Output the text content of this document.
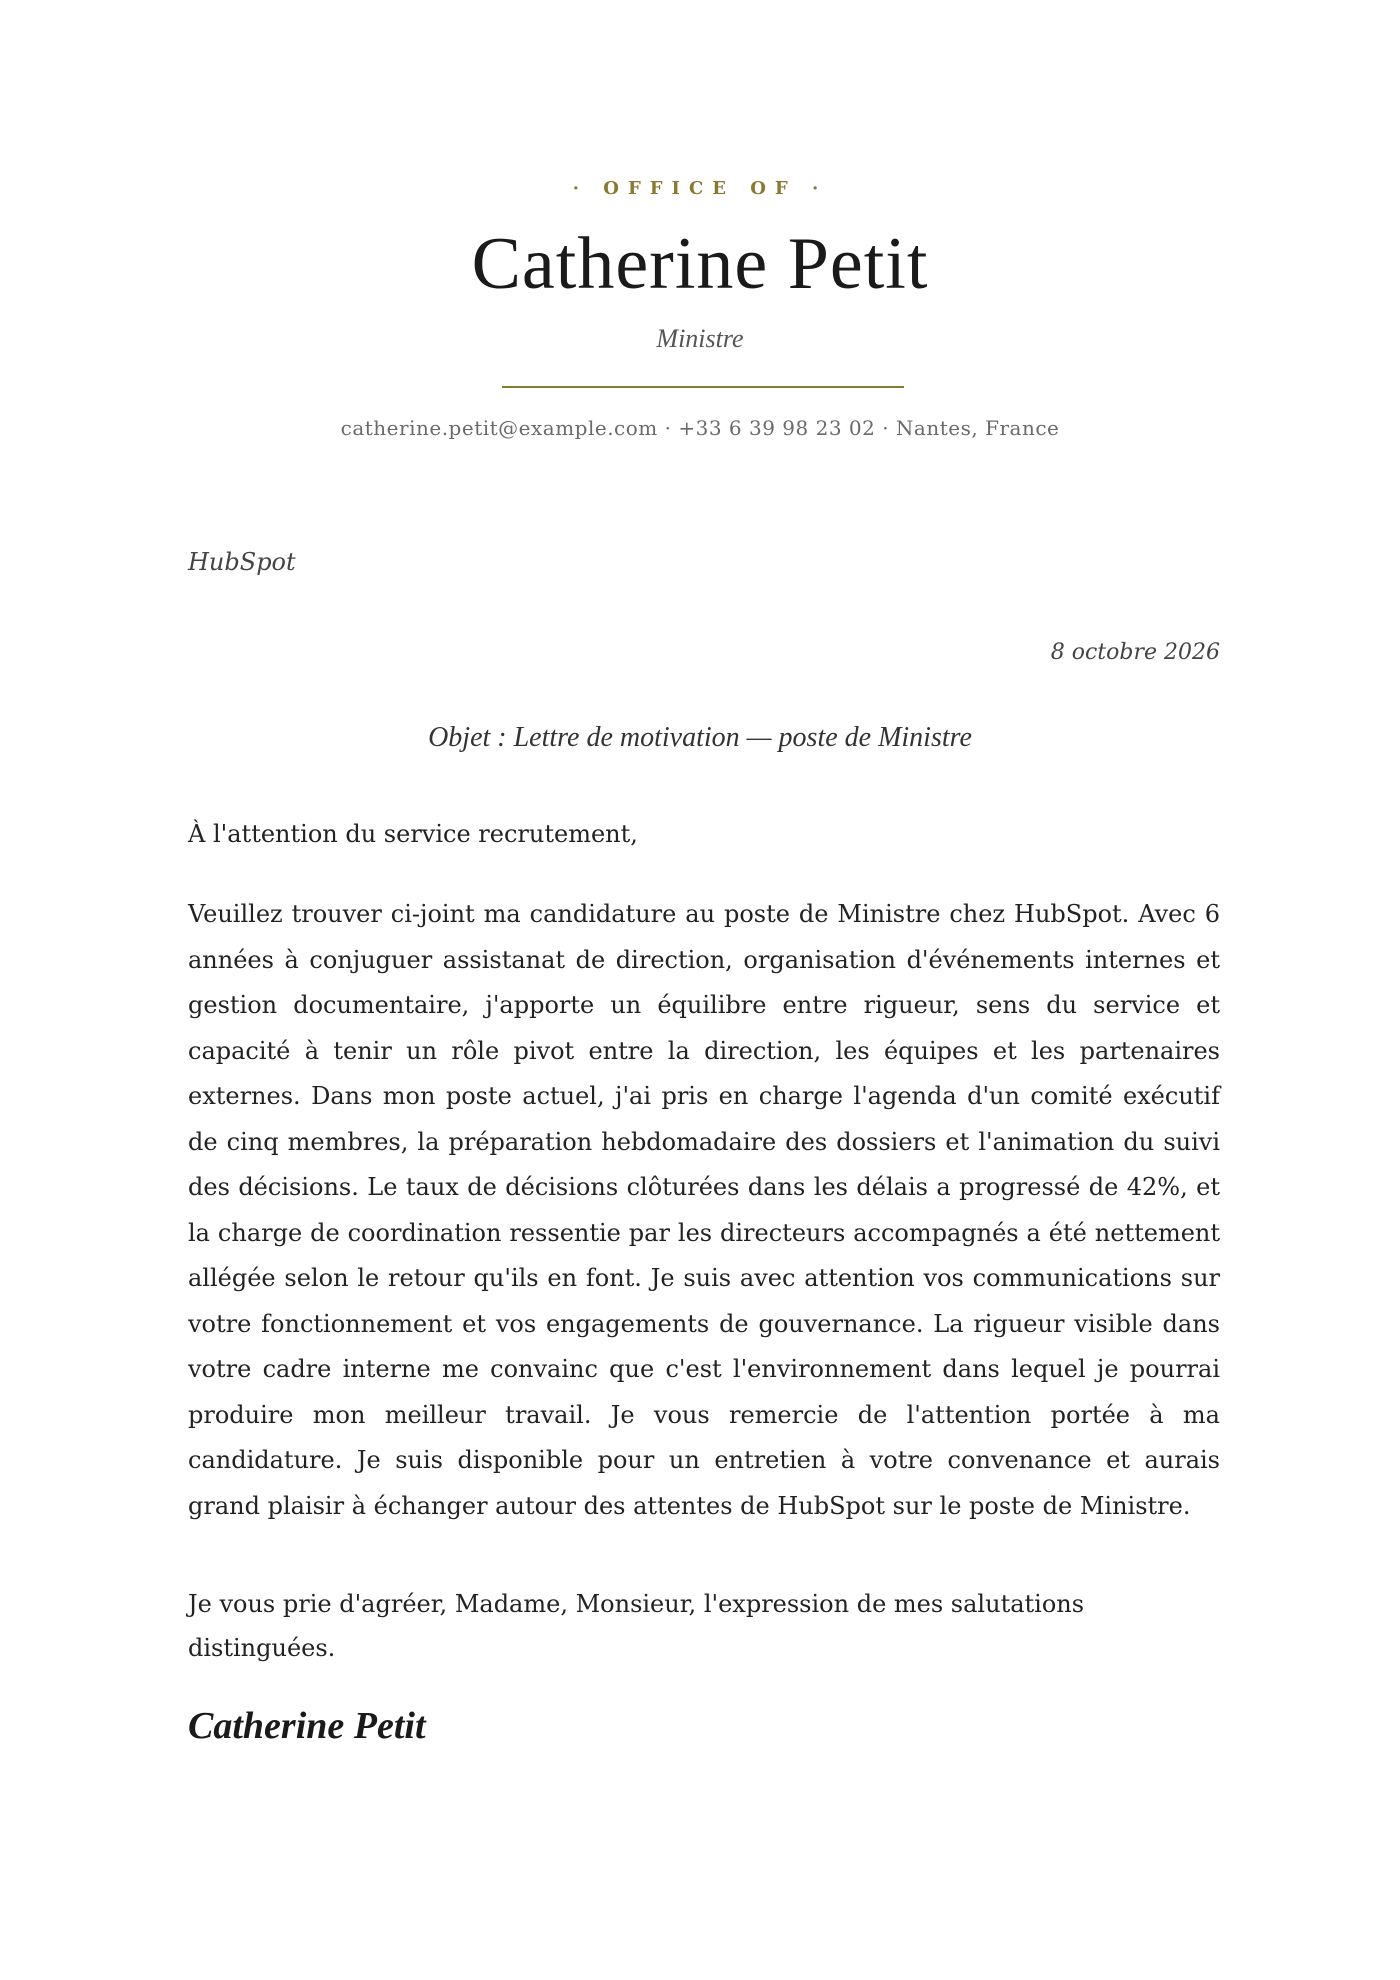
· OFFICE OF ·
Catherine Petit
Ministre
catherine.petit@example.com · +33 6 39 98 23 02 · Nantes, France
HubSpot
8 octobre 2026
Objet : Lettre de motivation — poste de Ministre
À l'attention du service recrutement,
Veuillez trouver ci-joint ma candidature au poste de Ministre chez HubSpot. Avec 6 années à conjuguer assistanat de direction, organisation d'événements internes et gestion documentaire, j'apporte un équilibre entre rigueur, sens du service et capacité à tenir un rôle pivot entre la direction, les équipes et les partenaires externes. Dans mon poste actuel, j'ai pris en charge l'agenda d'un comité exécutif de cinq membres, la préparation hebdomadaire des dossiers et l'animation du suivi des décisions. Le taux de décisions clôturées dans les délais a progressé de 42%, et la charge de coordination ressentie par les directeurs accompagnés a été nettement allégée selon le retour qu'ils en font. Je suis avec attention vos communications sur votre fonctionnement et vos engagements de gouvernance. La rigueur visible dans votre cadre interne me convainc que c'est l'environnement dans lequel je pourrai produire mon meilleur travail. Je vous remercie de l'attention portée à ma candidature. Je suis disponible pour un entretien à votre convenance et aurais grand plaisir à échanger autour des attentes de HubSpot sur le poste de Ministre.
Je vous prie d'agréer, Madame, Monsieur, l'expression de mes salutations distinguées.
Catherine Petit
